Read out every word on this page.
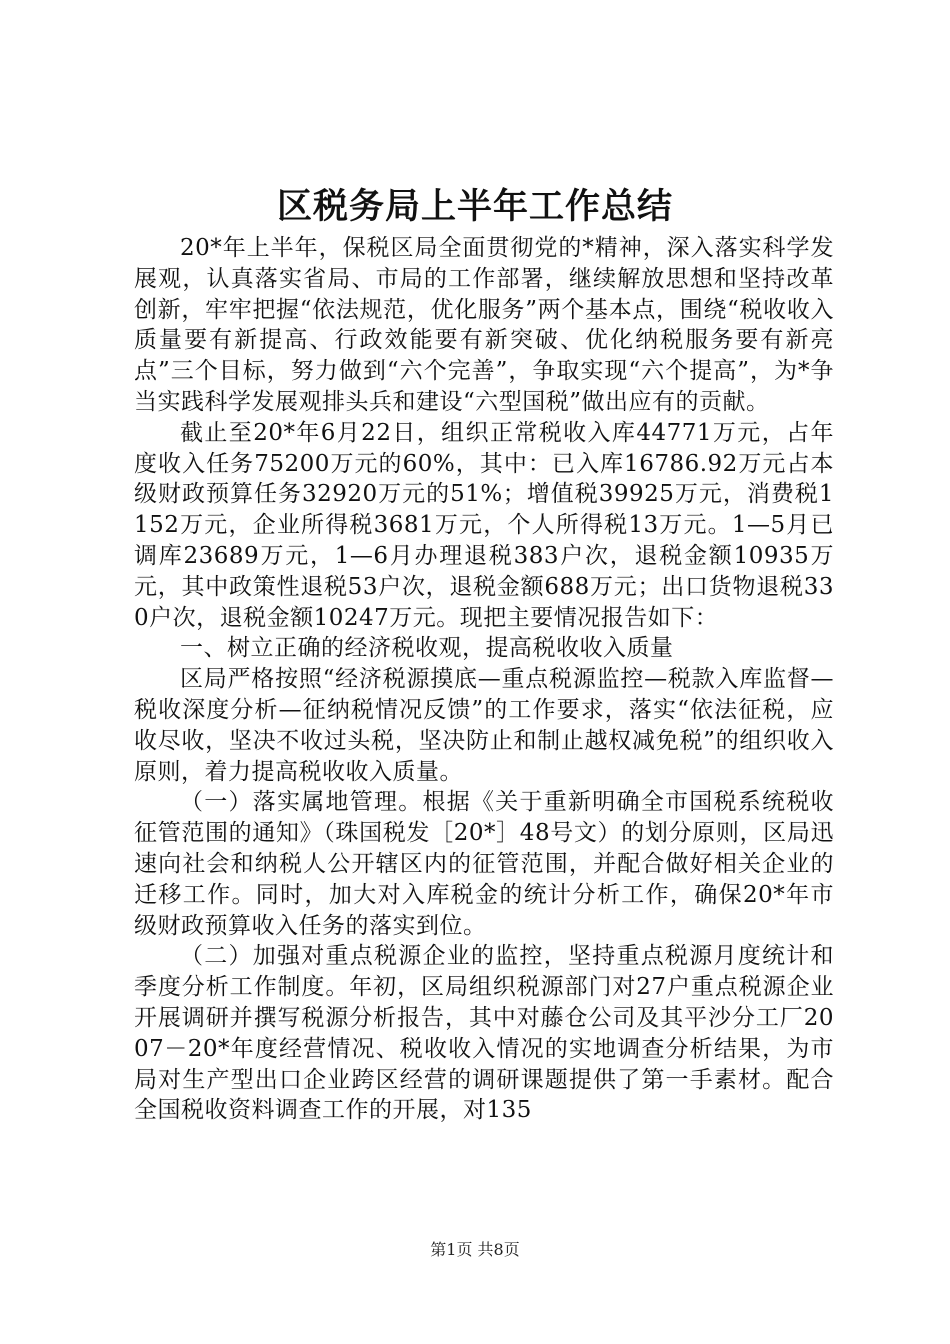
区税务局上半年工作总结

20*年上半年，保税区局全面贯彻党的*精神，深入落实科学发展观，认真落实省局、市局的工作部署，继续解放思想和坚持改革创新，牢牢把握“依法规范，优化服务”两个基本点，围绕“税收收入质量要有新提高、行政效能要有新突破、优化纳税服务要有新亮点”三个目标，努力做到“六个完善”，争取实现“六个提高”，为*争当实践科学发展观排头兵和建设“六型国税”做出应有的贡献。

截止至20*年6月22日，组织正常税收入库44771万元，占年度收入任务75200万元的60%，其中：已入库16786.92万元占本级财政预算任务32920万元的51%；增值税39925万元，消费税1152万元，企业所得税3681万元，个人所得税13万元。1—5月已调库23689万元，1—6月办理退税383户次，退税金额10935万元，其中政策性退税53户次，退税金额688万元；出口货物退税330户次，退税金额10247万元。现把主要情况报告如下：

一、树立正确的经济税收观，提高税收收入质量

区局严格按照“经济税源摸底—重点税源监控—税款入库监督—税收深度分析—征纳税情况反馈”的工作要求，落实“依法征税，应收尽收，坚决不收过头税，坚决防止和制止越权减免税”的组织收入原则，着力提高税收收入质量。

（一）落实属地管理。根据《关于重新明确全市国税系统税收征管范围的通知》（珠国税发［20*］48号文）的划分原则，区局迅速向社会和纳税人公开辖区内的征管范围，并配合做好相关企业的迁移工作。同时，加大对入库税金的统计分析工作，确保20*年市级财政预算收入任务的落实到位。

（二）加强对重点税源企业的监控，坚持重点税源月度统计和季度分析工作制度。年初，区局组织税源部门对27户重点税源企业开展调研并撰写税源分析报告，其中对藤仓公司及其平沙分工厂2007－20*年度经营情况、税收收入情况的实地调查分析结果，为市局对生产型出口企业跨区经营的调研课题提供了第一手素材。配合全国税收资料调查工作的开展，对135

第1页 共8页
